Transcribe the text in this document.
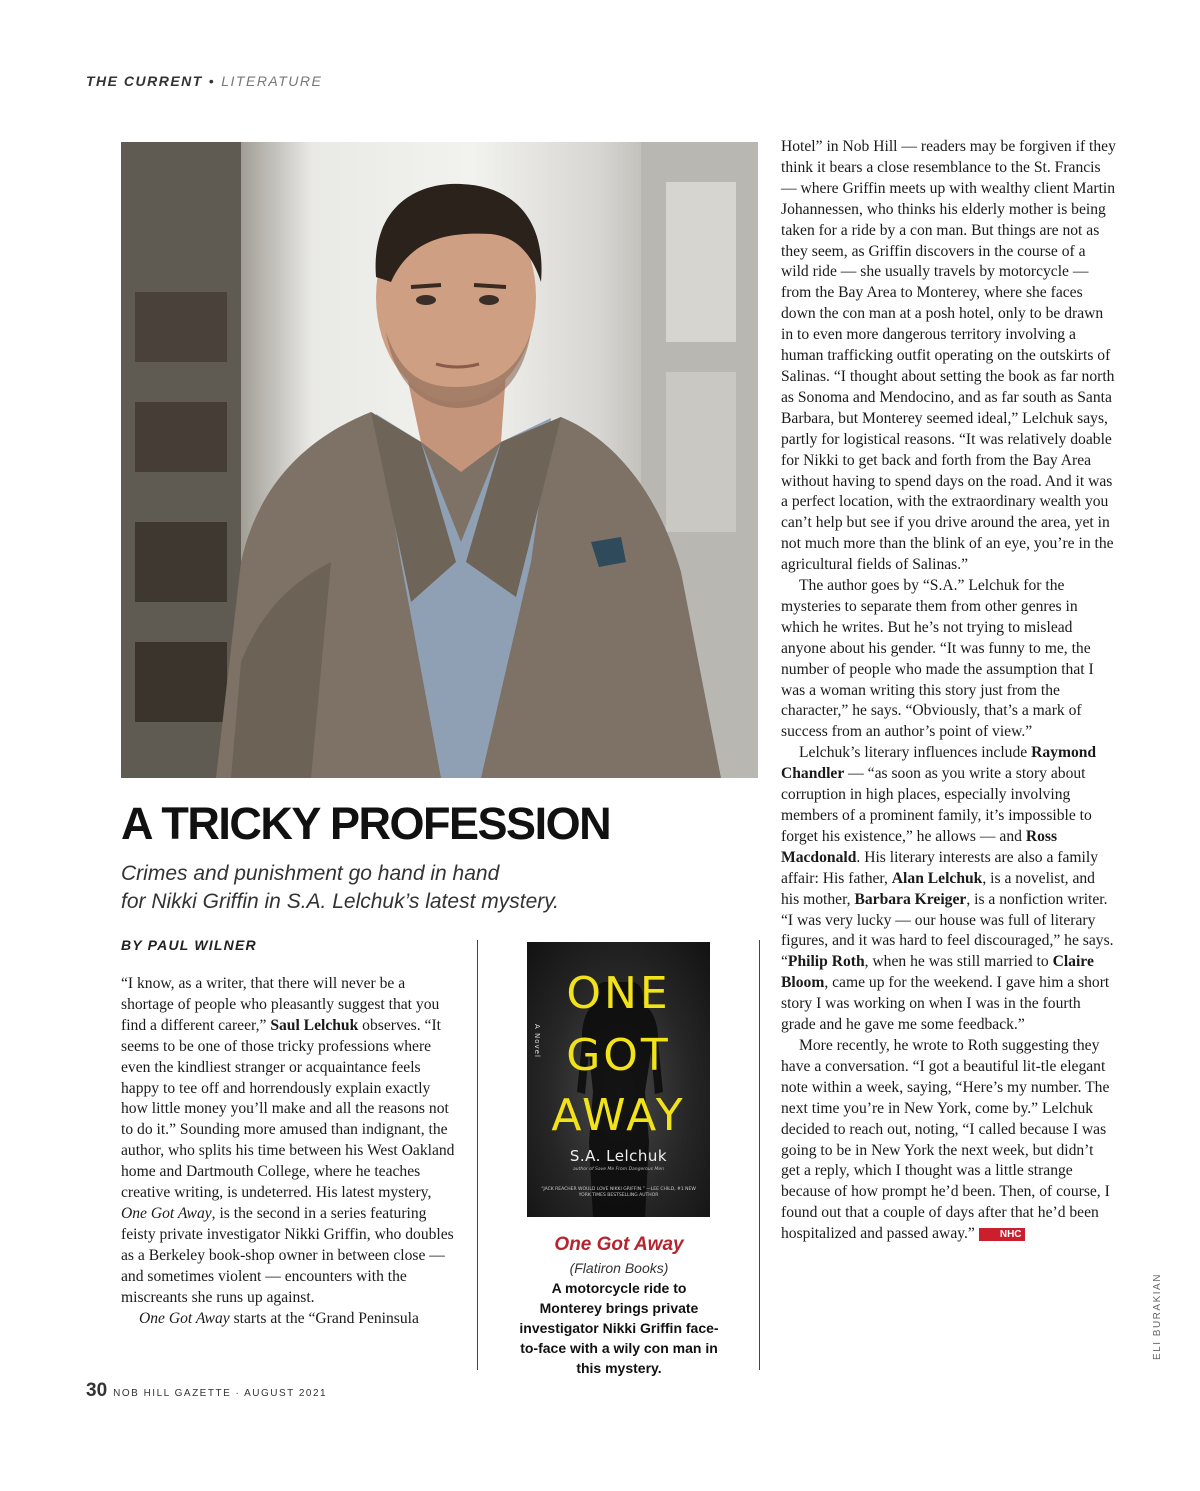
THE CURRENT • LITERATURE
A TRICKY PROFESSION

Crimes and punishment go hand in hand
for Nikki Griffin in S.A. Lelchuk’s latest mystery.

BY PAUL WILNER

“I know, as a writer, that there will never be a shortage of people who pleasantly suggest that you find a different career,” Saul Lelchuk observes. “It seems to be one of those tricky professions where even the kindliest stranger or acquaintance feels happy to tee off and horrendously explain exactly how little money you’ll make and all the reasons not to do it.” Sounding more amused than indignant, the author, who splits his time between his West Oakland home and Dartmouth College, where he teaches creative writing, is undeterred. His latest mystery, One Got Away, is the second in a series featuring feisty private investigator Nikki Griffin, who doubles as a Berkeley book-shop owner in between close — and sometimes violent — encounters with the miscreants she runs up against.

One Got Away starts at the “Grand Peninsula

ONE
GOT
AWAY
A Novel
S.A. Lelchuk
author of Save Me From Dangerous Men
“JACK REACHER WOULD LOVE NIKKI GRIFFIN.” —LEE CHILD, #1 NEW YORK TIMES BESTSELLING AUTHOR
One Got Away
(Flatiron Books)
A motorcycle ride to Monterey brings private investigator Nikki Griffin face-to-face with a wily con man in this mystery.

Hotel” in Nob Hill — readers may be forgiven if they think it bears a close resemblance to the St. Francis — where Griffin meets up with wealthy client Martin Johannessen, who thinks his elderly mother is being taken for a ride by a con man. But things are not as they seem, as Griffin discovers in the course of a wild ride — she usually travels by motorcycle — from the Bay Area to Monterey, where she faces down the con man at a posh hotel, only to be drawn in to even more dangerous territory involving a human trafficking outfit operating on the outskirts of Salinas. “I thought about setting the book as far north as Sonoma and Mendocino, and as far south as Santa Barbara, but Monterey seemed ideal,” Lelchuk says, partly for logistical reasons. “It was relatively doable for Nikki to get back and forth from the Bay Area without having to spend days on the road. And it was a perfect location, with the extraordinary wealth you can’t help but see if you drive around the area, yet in not much more than the blink of an eye, you’re in the agricultural fields of Salinas.”

The author goes by “S.A.” Lelchuk for the mysteries to separate them from other genres in which he writes. But he’s not trying to mislead anyone about his gender. “It was funny to me, the number of people who made the assumption that I was a woman writing this story just from the character,” he says. “Obviously, that’s a mark of success from an author’s point of view.”

Lelchuk’s literary influences include Raymond Chandler — “as soon as you write a story about corruption in high places, especially involving members of a prominent family, it’s impossible to forget his existence,” he allows — and Ross Macdonald. His literary interests are also a family affair: His father, Alan Lelchuk, is a novelist, and his mother, Barbara Kreiger, is a nonfiction writer. “I was very lucky — our house was full of literary figures, and it was hard to feel discouraged,” he says. “Philip Roth, when he was still married to Claire Bloom, came up for the weekend. I gave him a short story I was working on when I was in the fourth grade and he gave me some feedback.”

More recently, he wrote to Roth suggesting they have a conversation. “I got a beautiful lit-tle elegant note within a week, saying, “Here’s my number. The next time you’re in New York, come by.” Lelchuk decided to reach out, noting, “I called because I was going to be in New York the next week, but didn’t get a reply, which I thought was a little strange because of how prompt he’d been. Then, of course, I found out that a couple of days after that he’d been hospitalized and passed away.”	NHC

ELI BURAKIAN
30 NOB HILL GAZETTE · AUGUST 2021
